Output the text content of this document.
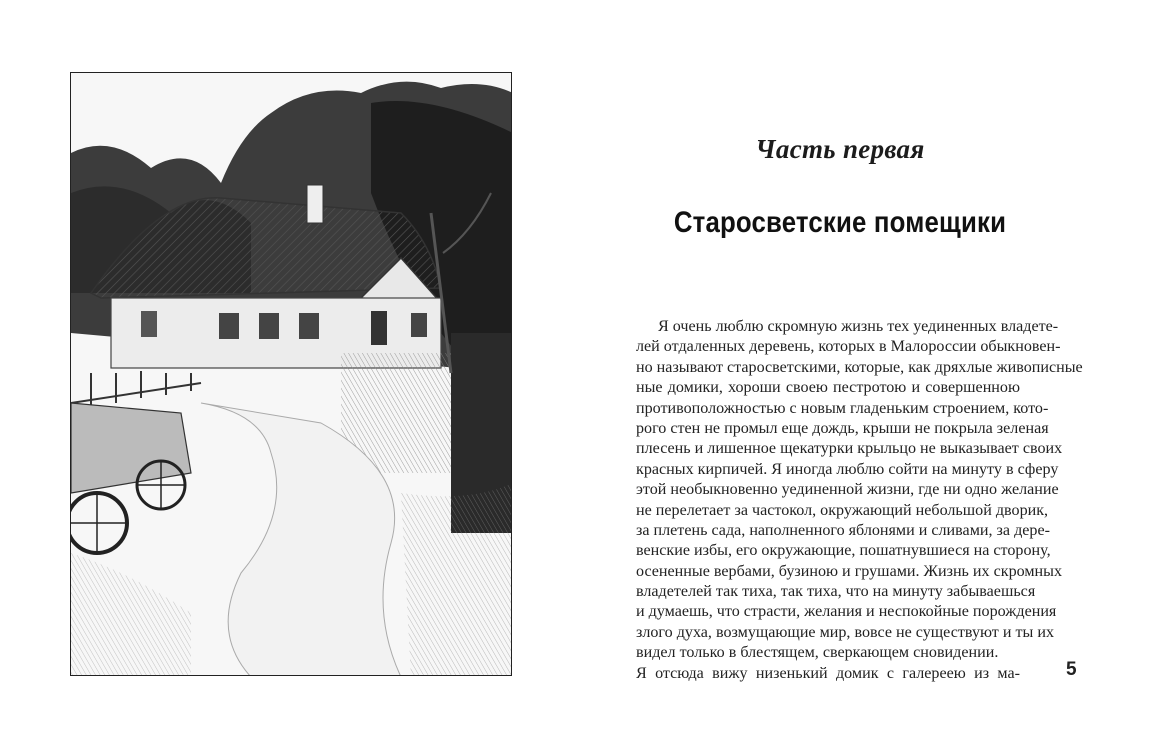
Часть первая
Старосветские помещики
Я очень люблю скромную жизнь тех уединенных владете-
лей отдаленных деревень, которых в Малороссии обыкновен-
но называют старосветскими, которые, как дряхлые живописные
ные домики, хороши своею пестротою и совершенною
противоположностью с новым гладеньким строением, кото-
рого стен не промыл еще дождь, крыши не покрыла зеленая
плесень и лишенное щекатурки крыльцо не выказывает своих
красных кирпичей. Я иногда люблю сойти на минуту в сферу
этой необыкновенно уединенной жизни, где ни одно желание
не перелетает за частокол, окружающий небольшой дворик,
за плетень сада, наполненного яблонями и сливами, за дере-
венские избы, его окружающие, пошатнувшиеся на сторону,
осененные вербами, бузиною и грушами. Жизнь их скромных
владетелей так тиха, так тиха, что на минуту забываешься
и думаешь, что страсти, желания и неспокойные порождения
злого духа, возмущающие мир, вовсе не существуют и ты их
видел только в блестящем, сверкающем сновидении.
Я отсюда вижу низенький домик с галереею из ма- 5
